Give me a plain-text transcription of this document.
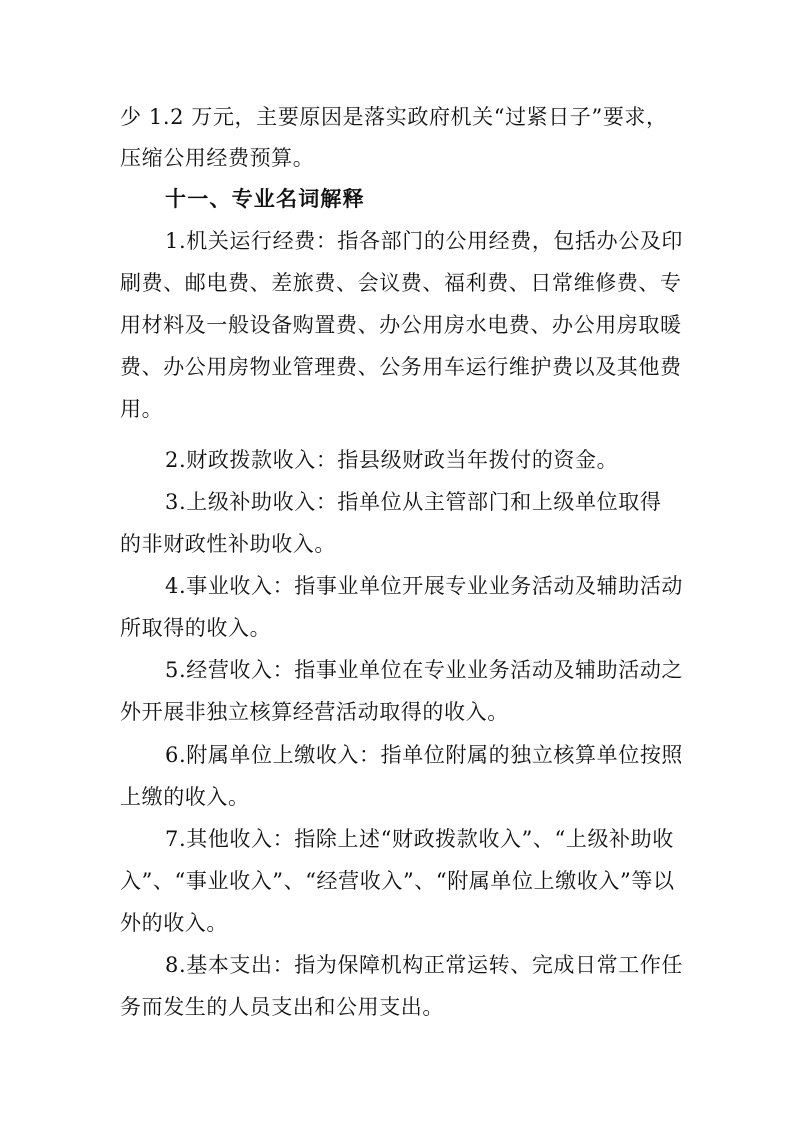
少 1.2 万元，主要原因是落实政府机关“过紧日子”要求，
压缩公用经费预算。
十一、专业名词解释
1.机关运行经费：指各部门的公用经费，包括办公及印
刷费、邮电费、差旅费、会议费、福利费、日常维修费、专
用材料及一般设备购置费、办公用房水电费、办公用房取暖
费、办公用房物业管理费、公务用车运行维护费以及其他费
用。
2.财政拨款收入：指县级财政当年拨付的资金。
3.上级补助收入：指单位从主管部门和上级单位取得
的非财政性补助收入。
4.事业收入：指事业单位开展专业业务活动及辅助活动
所取得的收入。
5.经营收入：指事业单位在专业业务活动及辅助活动之
外开展非独立核算经营活动取得的收入。
6.附属单位上缴收入：指单位附属的独立核算单位按照
上缴的收入。
7.其他收入：指除上述“财政拨款收入”、“上级补助收
入”、“事业收入”、“经营收入”、“附属单位上缴收入”等以
外的收入。
8.基本支出：指为保障机构正常运转、完成日常工作任
务而发生的人员支出和公用支出。
